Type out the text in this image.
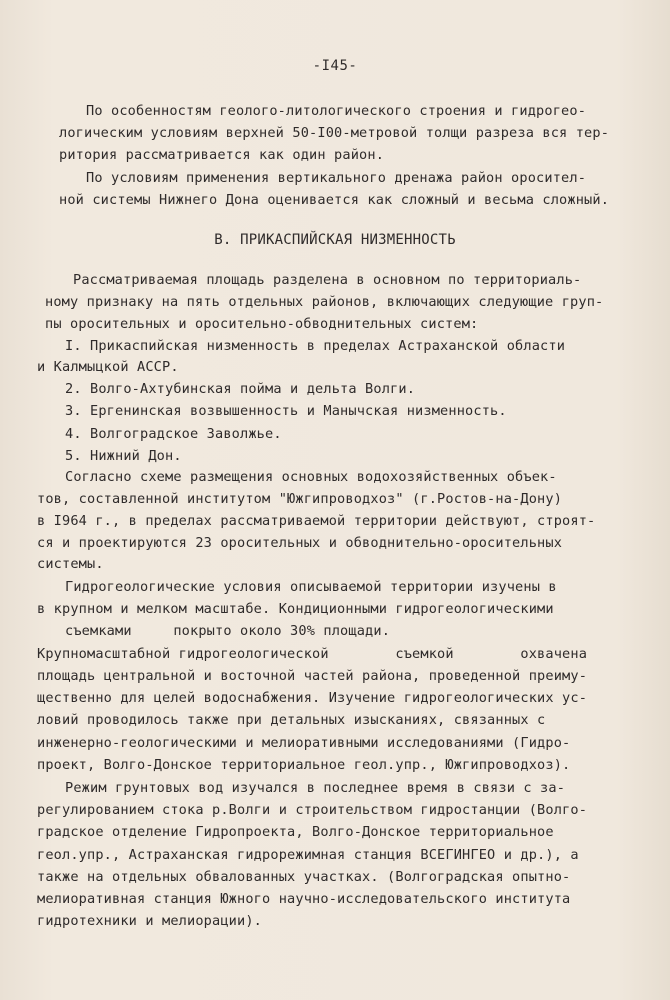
-I45-
По особенностям геолого-литологического строения и гидрогео-
логическим условиям верхней 50-I00-метровой толщи разреза вся тер-
ритория рассматривается как один район.
По условиям применения вертикального дренажа район оросител-
ной системы Нижнего Дона оценивается как сложный и весьма сложный.
В. ПРИКАСПИЙСКАЯ НИЗМЕННОСТЬ
Рассматриваемая площадь разделена в основном по территориаль-
ному признаку на пять отдельных районов, включающих следующие груп-
пы оросительных и оросительно-обводнительных систем:
I. Прикаспийская низменность в пределах Астраханской области
и Калмыцкой АССР.
2. Волго-Ахтубинская пойма и дельта Волги.
3. Ергенинская возвышенность и Манычская низменность.
4. Волгоградское Заволжье.
5. Нижний Дон.
Согласно схеме размещения основных водохозяйственных объек-
тов, составленной институтом "Южгипроводхоз" (г.Ростов-на-Дону)
в I964 г., в пределах рассматриваемой территории действуют, строят-
ся и проектируются 23 оросительных и обводнительно-оросительных
системы.
Гидрогеологические условия описываемой территории изучены в
в крупном и мелком масштабе. Кондиционными гидрогеологическими
съемками     покрыто около 30% площади.
Крупномасштабной гидрогеологической        съемкой        охвачена
площадь центральной и восточной частей района, проведенной преиму-
щественно для целей водоснабжения. Изучение гидрогеологических ус-
ловий проводилось также при детальных изысканиях, связанных с
инженерно-геологическими и мелиоративными исследованиями (Гидро-
проект, Волго-Донское территориальное геол.упр., Южгипроводхоз).
Режим грунтовых вод изучался в последнее время в связи с за-
регулированием стока р.Волги и строительством гидростанции (Волго-
градское отделение Гидропроекта, Волго-Донское территориальное
геол.упр., Астраханская гидрорежимная станция ВСЕГИНГЕО и др.), а
также на отдельных обвалованных участках. (Волгоградская опытно-
мелиоративная станция Южного научно-исследовательского института
гидротехники и мелиорации).
